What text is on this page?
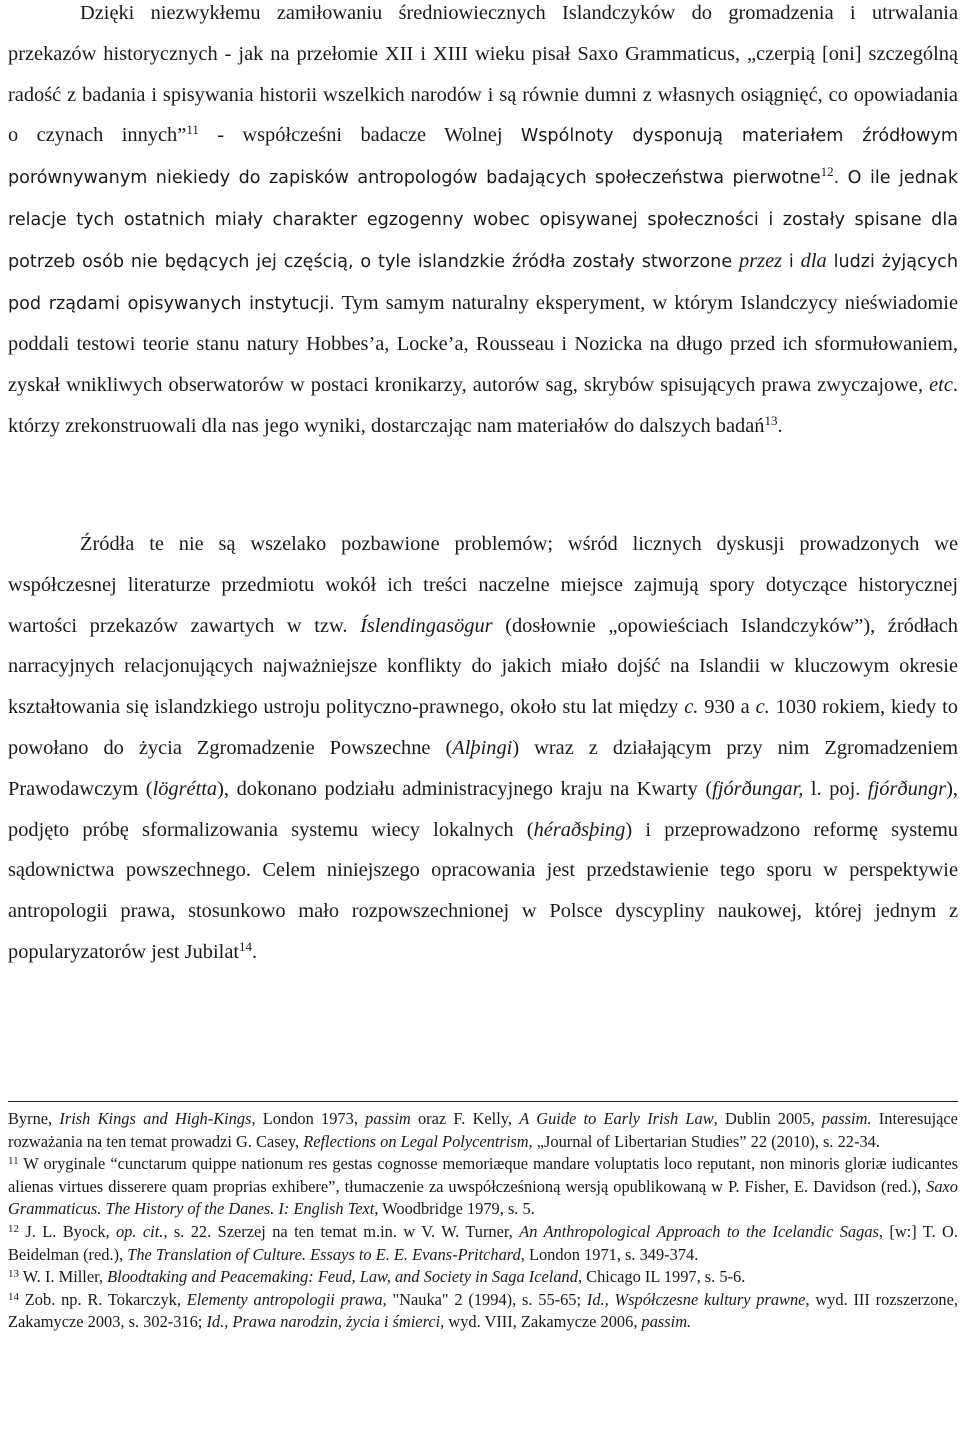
Dzięki niezwykłemu zamiłowaniu średniowiecznych Islandczyków do gromadzenia i utrwalania przekazów historycznych - jak na przełomie XII i XIII wieku pisał Saxo Grammaticus, „czerpią [oni] szczególną radość z badania i spisywania historii wszelkich narodów i są równie dumni z własnych osiągnięć, co opowiadania o czynach innych”$^{11}$ - współcześni badacze Wolnej Wspólnoty dysponują materiałem źródłowym porównywanym niekiedy do zapisków antropologów badających społeczeństwa pierwotne$^{12}$. O ile jednak relacje tych ostatnich miały charakter egzogenny wobec opisywanej społeczności i zostały spisane dla potrzeb osób nie będących jej częścią, o tyle islandzkie źródła zostały stworzone przez i dla ludzi żyjących pod rządami opisywanych instytucji. Tym samym naturalny eksperyment, w którym Islandczycy nieświadomie poddali testowi teorie stanu natury Hobbes’a, Locke’a, Rousseau i Nozicka na długo przed ich sformułowaniem, zyskał wnikliwych obserwatorów w postaci kronikarzy, autorów sag, skrybów spisujących prawa zwyczajowe, etc. którzy zrekonstruowali dla nas jego wyniki, dostarczając nam materiałów do dalszych badań$^{13}$.

Źródła te nie są wszelako pozbawione problemów; wśród licznych dyskusji prowadzonych we współczesnej literaturze przedmiotu wokół ich treści naczelne miejsce zajmują spory dotyczące historycznej wartości przekazów zawartych w tzw. Íslendingasögur (dosłownie „opowieściach Islandczyków”), źródłach narracyjnych relacjonujących najważniejsze konflikty do jakich miało dojść na Islandii w kluczowym okresie kształtowania się islandzkiego ustroju polityczno-prawnego, około stu lat między c. 930 a c. 1030 rokiem, kiedy to powołano do życia Zgromadzenie Powszechne (Alþingi) wraz z działającym przy nim Zgromadzeniem Prawodawczym (lögrétta), dokonano podziału administracyjnego kraju na Kwarty (fjórðungar, l. poj. fjórðungr), podjęto próbę sformalizowania systemu wiecy lokalnych (héraðsþing) i przeprowadzono reformę systemu sądownictwa powszechnego. Celem niniejszego opracowania jest przedstawienie tego sporu w perspektywie antropologii prawa, stosunkowo mało rozpowszechnionej w Polsce dyscypliny naukowej, której jednym z popularyzatorów jest Jubilat$^{14}$.

Byrne, Irish Kings and High-Kings, London 1973, passim oraz F. Kelly, A Guide to Early Irish Law, Dublin 2005, passim. Interesujące rozważania na ten temat prowadzi G. Casey, Reflections on Legal Polycentrism, „Journal of Libertarian Studies” 22 (2010), s. 22-34.

$^{11}$ W oryginale “cunctarum quippe nationum res gestas cognosse memoriæque mandare voluptatis loco reputant, non minoris gloriæ iudicantes alienas virtues disserere quam proprias exhibere”, tłumaczenie za uwspółcześnioną wersją opublikowaną w P. Fisher, E. Davidson (red.), Saxo Grammaticus. The History of the Danes. I: English Text, Woodbridge 1979, s. 5.

$^{12}$ J. L. Byock, op. cit., s. 22. Szerzej na ten temat m.in. w V. W. Turner, An Anthropological Approach to the Icelandic Sagas, [w:] T. O. Beidelman (red.), The Translation of Culture. Essays to E. E. Evans-Pritchard, London 1971, s. 349-374.

$^{13}$ W. I. Miller, Bloodtaking and Peacemaking: Feud, Law, and Society in Saga Iceland, Chicago IL 1997, s. 5-6.

$^{14}$ Zob. np. R. Tokarczyk, Elementy antropologii prawa, "Nauka" 2 (1994), s. 55-65; Id., Współczesne kultury prawne, wyd. III rozszerzone, Zakamycze 2003, s. 302-316; Id., Prawa narodzin, życia i śmierci, wyd. VIII, Zakamycze 2006, passim.
